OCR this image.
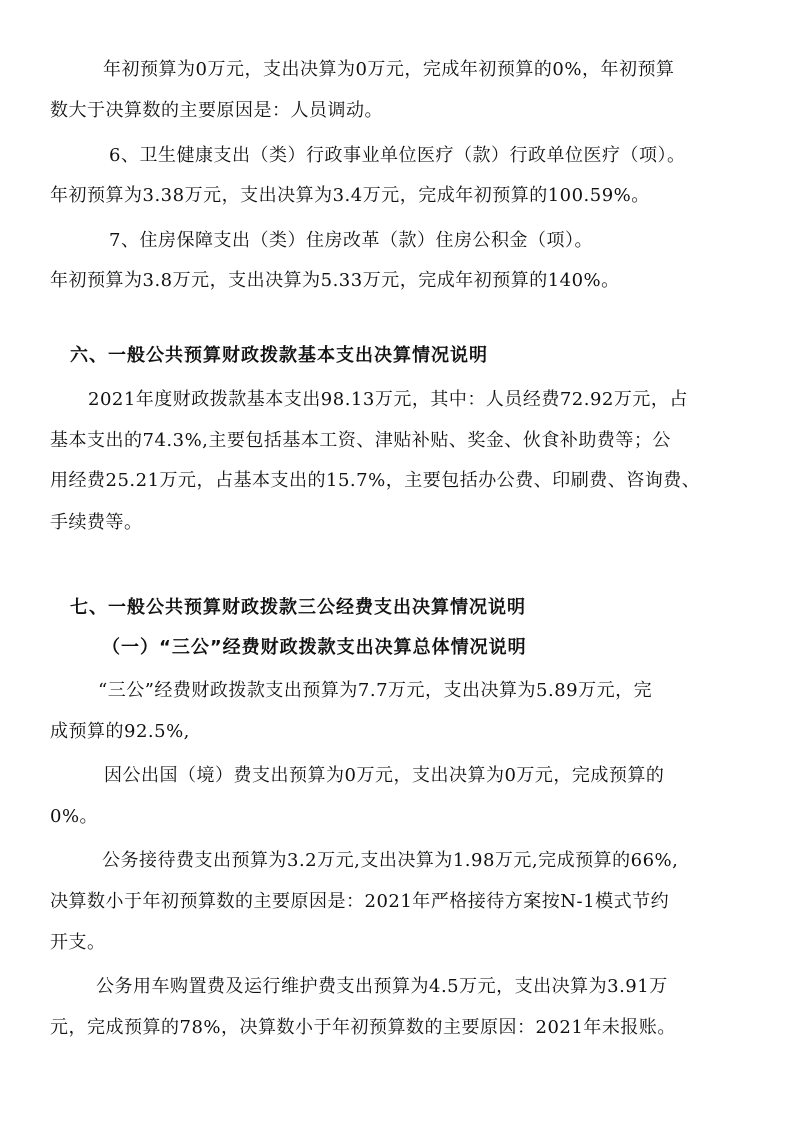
年初预算为0万元，支出决算为0万元，完成年初预算的0%，年初预算
数大于决算数的主要原因是：人员调动。
6、卫生健康支出（类）行政事业单位医疗（款）行政单位医疗（项）。
年初预算为3.38万元，支出决算为3.4万元，完成年初预算的100.59%。
7、住房保障支出（类）住房改革（款）住房公积金（项）。
年初预算为3.8万元，支出决算为5.33万元，完成年初预算的140%。
六、一般公共预算财政拨款基本支出决算情况说明
2021年度财政拨款基本支出98.13万元，其中：人员经费72.92万元，占
基本支出的74.3%,主要包括基本工资、津贴补贴、奖金、伙食补助费等；公
用经费25.21万元，占基本支出的15.7%，主要包括办公费、印刷费、咨询费、
手续费等。
七、一般公共预算财政拨款三公经费支出决算情况说明
（一）“三公”经费财政拨款支出决算总体情况说明
“三公”经费财政拨款支出预算为7.7万元，支出决算为5.89万元，完
成预算的92.5%,
因公出国（境）费支出预算为0万元，支出决算为0万元，完成预算的
0%。
公务接待费支出预算为3.2万元,支出决算为1.98万元,完成预算的66%,
决算数小于年初预算数的主要原因是：2021年严格接待方案按N-1模式节约
开支。
公务用车购置费及运行维护费支出预算为4.5万元，支出决算为3.91万
元，完成预算的78%，决算数小于年初预算数的主要原因：2021年未报账。
